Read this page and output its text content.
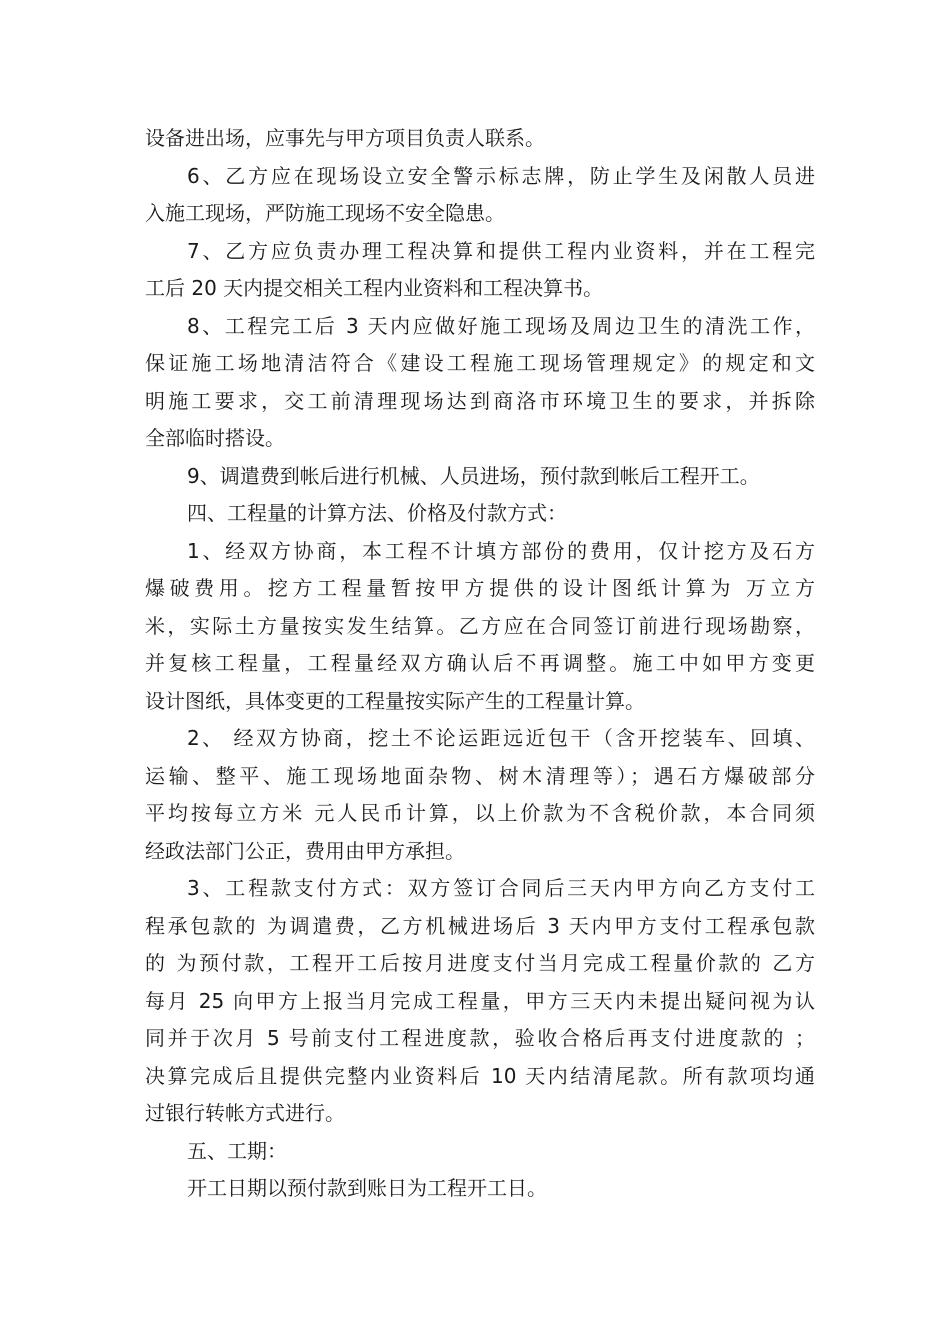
设备进出场，应事先与甲方项目负责人联系。
6、乙方应在现场设立安全警示标志牌，防止学生及闲散人员进
入施工现场，严防施工现场不安全隐患。
7、乙方应负责办理工程决算和提供工程内业资料，并在工程完
工后 20 天内提交相关工程内业资料和工程决算书。
8、工程完工后 3 天内应做好施工现场及周边卫生的清洗工作，
保证施工场地清洁符合《建设工程施工现场管理规定》的规定和文
明施工要求，交工前清理现场达到商洛市环境卫生的要求，并拆除
全部临时搭设。
9、调遣费到帐后进行机械、人员进场，预付款到帐后工程开工。
四、工程量的计算方法、价格及付款方式：
1、经双方协商，本工程不计填方部份的费用，仅计挖方及石方
爆破费用。挖方工程量暂按甲方提供的设计图纸计算为 万立方
米，实际土方量按实发生结算。乙方应在合同签订前进行现场勘察，
并复核工程量，工程量经双方确认后不再调整。施工中如甲方变更
设计图纸，具体变更的工程量按实际产生的工程量计算。
2、 经双方协商，挖土不论运距远近包干（含开挖装车、回填、
运输、整平、施工现场地面杂物、树木清理等）；遇石方爆破部分
平均按每立方米 元人民币计算，以上价款为不含税价款，本合同须
经政法部门公正，费用由甲方承担。
3、工程款支付方式：双方签订合同后三天内甲方向乙方支付工
程承包款的 为调遣费，乙方机械进场后 3 天内甲方支付工程承包款
的 为预付款，工程开工后按月进度支付当月完成工程量价款的 乙方
每月 25 向甲方上报当月完成工程量，甲方三天内未提出疑问视为认
同并于次月 5 号前支付工程进度款，验收合格后再支付进度款的 ；
决算完成后且提供完整内业资料后 10 天内结清尾款。所有款项均通
过银行转帐方式进行。
五、工期：
开工日期以预付款到账日为工程开工日。
